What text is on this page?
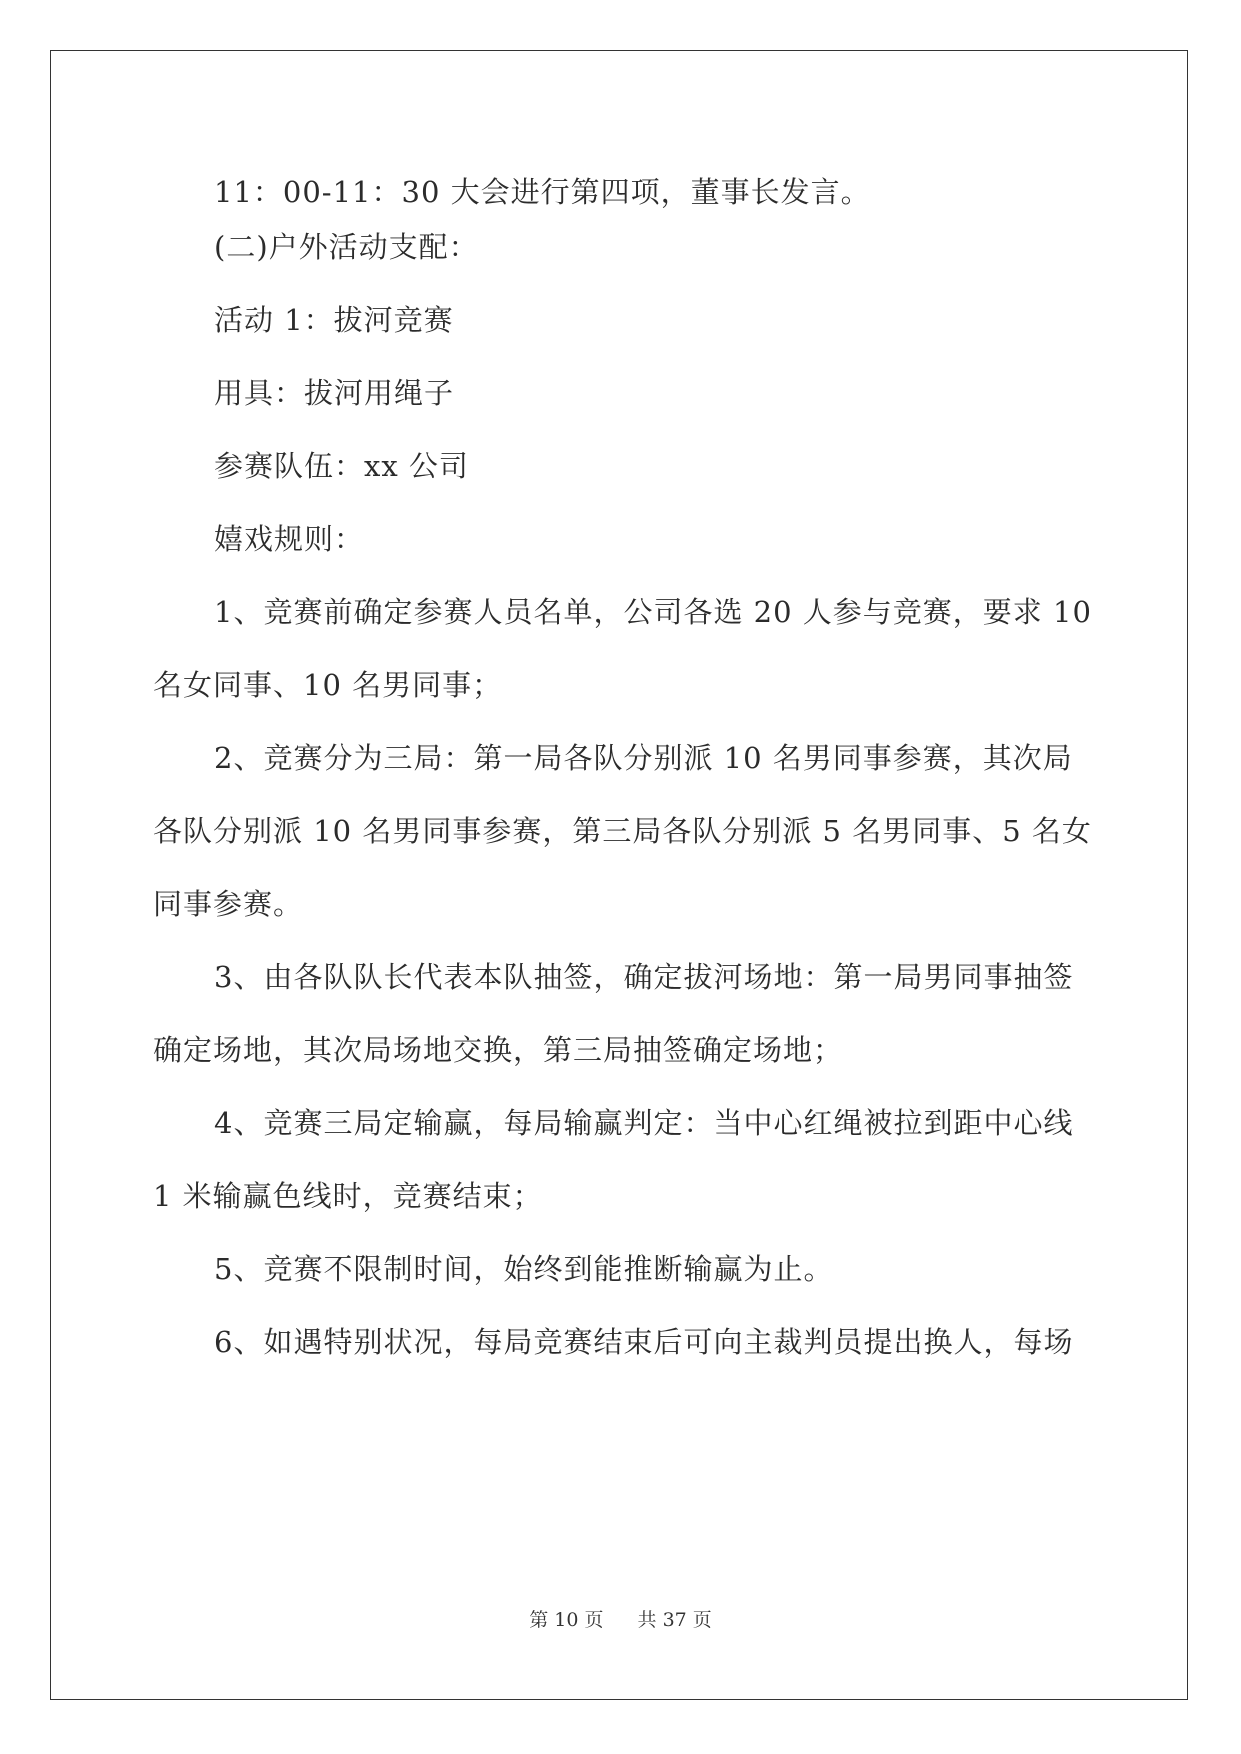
11：00-11：30 大会进行第四项，董事长发言。
(二)户外活动支配：
活动 1：拔河竞赛
用具：拔河用绳子
参赛队伍：xx 公司
嬉戏规则：
1、竞赛前确定参赛人员名单，公司各选 20 人参与竞赛，要求 10
名女同事、10 名男同事；
2、竞赛分为三局：第一局各队分别派 10 名男同事参赛，其次局
各队分别派 10 名男同事参赛，第三局各队分别派 5 名男同事、5 名女
同事参赛。
3、由各队队长代表本队抽签，确定拔河场地：第一局男同事抽签
确定场地，其次局场地交换，第三局抽签确定场地；
4、竞赛三局定输赢，每局输赢判定：当中心红绳被拉到距中心线
1 米输赢色线时，竞赛结束；
5、竞赛不限制时间，始终到能推断输赢为止。
6、如遇特别状况，每局竞赛结束后可向主裁判员提出换人，每场
第 10 页 共 37 页
